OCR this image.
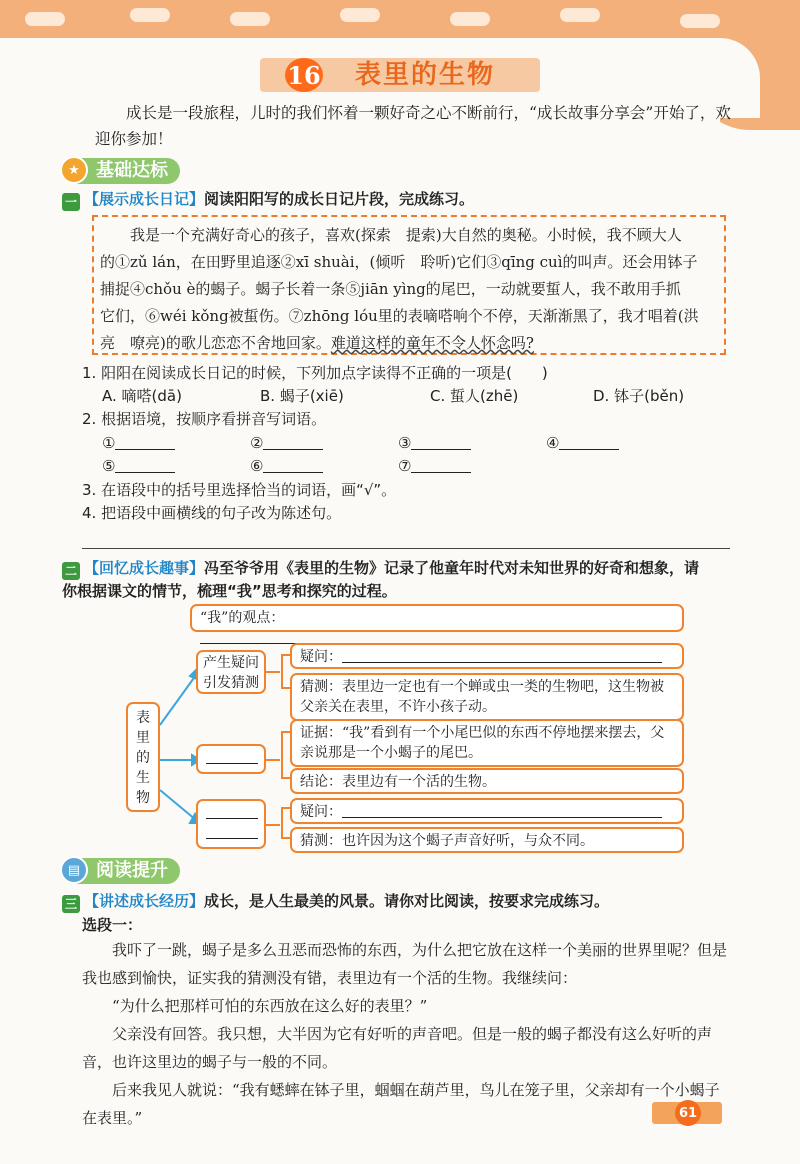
16 表里的生物
成长是一段旅程，儿时的我们怀着一颗好奇之心不断前行，“成长故事分享会”开始了，欢迎你参加！
基础达标
★
一 【展示成长日记】阅读阳阳写的成长日记片段，完成练习。
我是一个充满好奇心的孩子，喜欢(探索　提索)大自然的奥秘。小时候，我不顾大人
的①zǔ lán，在田野里追逐②xī shuài，(倾听　聆听)它们③qīng cuì的叫声。还会用钵子
捕捉④chǒu è的蝎子。蝎子长着一条⑤jiān yìng的尾巴，一动就要蜇人，我不敢用手抓
它们，⑥wéi kǒng被蜇伤。⑦zhōng lóu里的表嘀嗒响个不停，天渐渐黑了，我才唱着(洪
亮　嘹亮)的歌儿恋恋不舍地回家。难道这样的童年不令人怀念吗?
1. 阳阳在阅读成长日记的时候，下列加点字读得不正确的一项是(　　)
A. 嘀嗒(dā)	B. 蝎子(xiē)	C. 蜇人(zhē)	D. 钵子(běn)
2. 根据语境，按顺序看拼音写词语。
①	②	③	④
⑤	⑥	⑦
3. 在语段中的括号里选择恰当的词语，画“√”。
4. 把语段中画横线的句子改为陈述句。
二 【回忆成长趣事】冯至爷爷用《表里的生物》记录了他童年时代对未知世界的好奇和想象，请
你根据课文的情节，梳理“我”思考和探究的过程。
“我”的观点：
表
里
的
生
物
产生疑问
引发猜测
疑问：
猜测：表里边一定也有一个蝉或虫一类的生物吧，这生物被父亲关在表里，不许小孩子动。
证据：“我”看到有一个小尾巴似的东西不停地摆来摆去，父亲说那是一个小蝎子的尾巴。
结论：表里边有一个活的生物。
疑问：
猜测：也许因为这个蝎子声音好听，与众不同。
阅读提升
▤
三 【讲述成长经历】成长，是人生最美的风景。请你对比阅读，按要求完成练习。
选段一：
我吓了一跳，蝎子是多么丑恶而恐怖的东西，为什么把它放在这样一个美丽的世界里呢？但是我也感到愉快，证实我的猜测没有错，表里边有一个活的生物。我继续问：
“为什么把那样可怕的东西放在这么好的表里？”
父亲没有回答。我只想，大半因为它有好听的声音吧。但是一般的蝎子都没有这么好听的声音，也许这里边的蝎子与一般的不同。
后来我见人就说：“我有蟋蟀在钵子里，蝈蝈在葫芦里，鸟儿在笼子里，父亲却有一个小蝎子在表里。”	61
